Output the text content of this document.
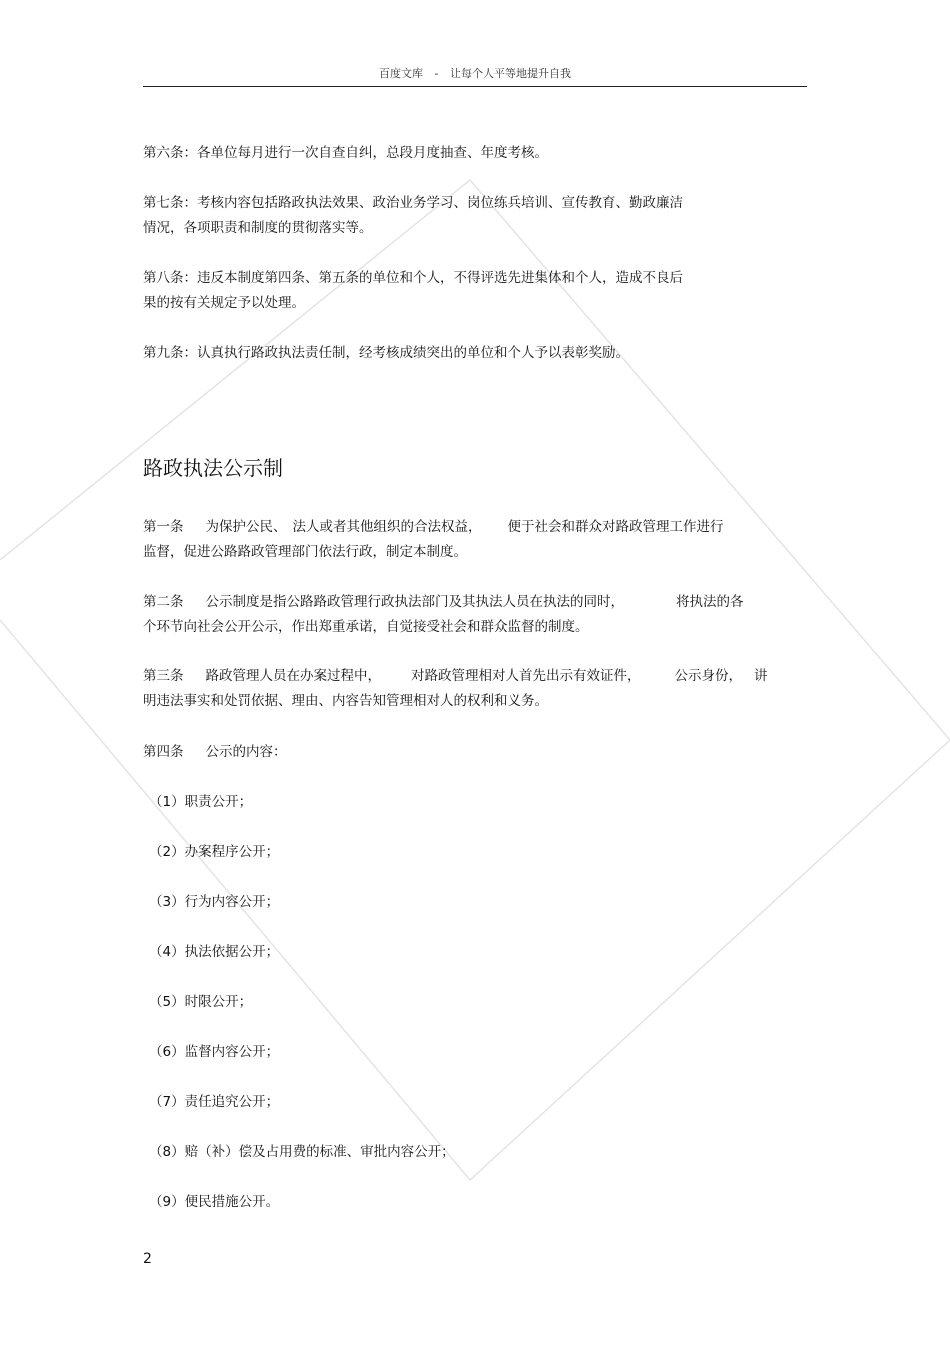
百度文库 - 让每个人平等地提升自我

第六条：各单位每月进行一次自查自纠，总段月度抽查、年度考核。

第七条：考核内容包括路政执法效果、政治业务学习、岗位练兵培训、宣传教育、勤政廉洁
情况，各项职责和制度的贯彻落实等。
第八条：违反本制度第四条、第五条的单位和个人，不得评选先进集体和个人，造成不良后
果的按有关规定予以处理。

第九条：认真执行路政执法责任制，经考核成绩突出的单位和个人予以表彰奖励。

路政执法公示制
第一条 为保护公民、 法人或者其他组织的合法权益， 便于社会和群众对路政管理工作进行
监督，促进公路路政管理部门依法行政，制定本制度。
第二条 公示制度是指公路路政管理行政执法部门及其执法人员在执法的同时，	将执法的各
个环节向社会公开公示，作出郑重承诺，自觉接受社会和群众监督的制度。
第三条 路政管理人员在办案过程中， 对路政管理相对人首先出示有效证件，	公示身份， 讲
明违法事实和处罚依据、理由、内容告知管理相对人的权利和义务。
第四条 公示的内容：

（1）职责公开；

（2）办案程序公开；

（3）行为内容公开；

（4）执法依据公开；

（5）时限公开；

（6）监督内容公开；

（7）责任追究公开；

（8）赔（补）偿及占用费的标准、审批内容公开；

（9）便民措施公开。

2
